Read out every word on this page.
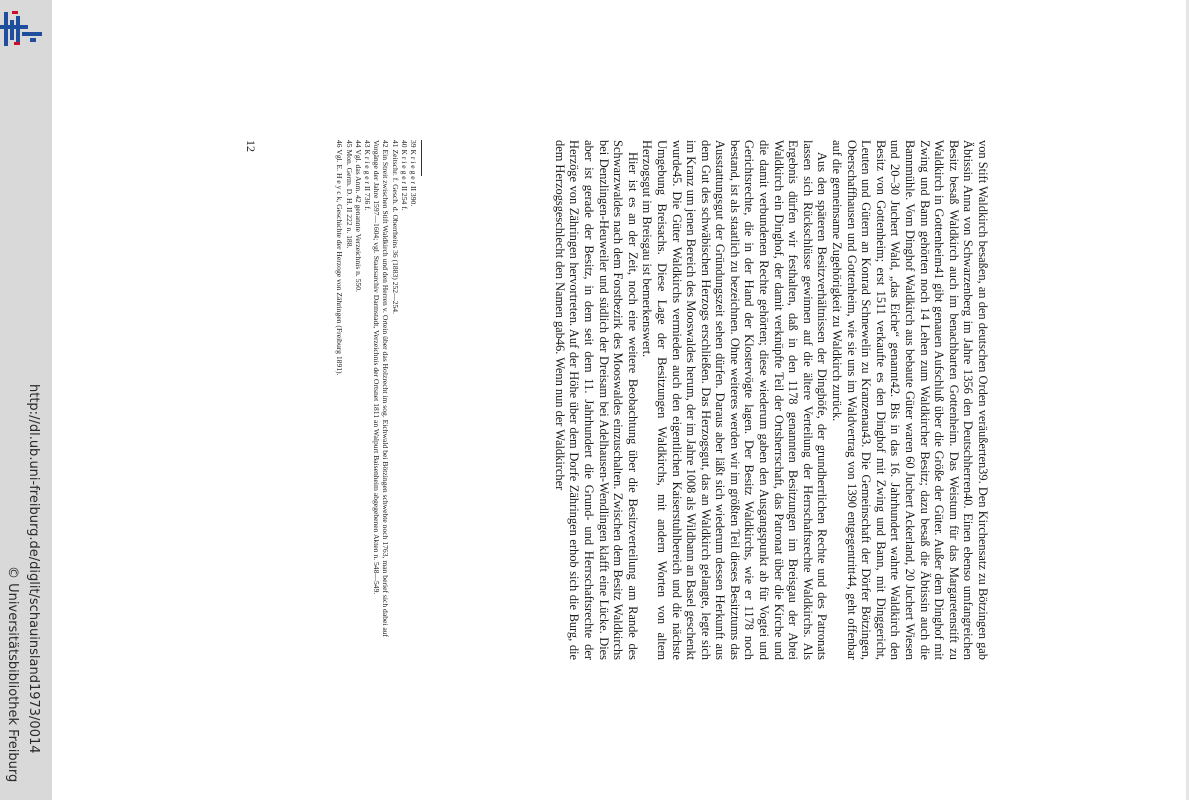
http://dl.ub.uni-freiburg.de/diglit/schauinsland1973/0014
© Universitätsbibliothek Freiburg

von Stift Waldkirch besaßen, an den deutschen Orden veräußerten39. Den Kirchensatz zu Bötzingen gab Äbtissin Anna von Schwarzenberg im Jahre 1356 den Deutschherren40. Einen ebenso umfangreichen Besitz besaß Waldkirch auch im benachbarten Gottenheim. Das Weistum für das Margaretenstift zu Waldkirch in Gottenheim41 gibt genauen Aufschluß über die Größe der Güter. Außer dem Dinghof mit Zwing und Bann gehörten noch 14 Lehen zum Waldkircher Besitz; dazu besaß die Äbtissin auch die Bannmühle. Vom Dinghof Waldkirch aus bebaute Güter waren 60 Juchert Ackerland, 20 Juchert Wiesen und 20–30 Juchert Wald, „das Eiche“ genannt42. Bis in das 16. Jahrhundert wahrte Waldkirch den Besitz von Gottenheim; erst 1511 verkaufte es den Dinghof mit Zwing und Bann, mit Dinggericht, Leuten und Gütern an Konrad Schnewelin zu Kranzenau43. Die Gemeinschaft der Dörfer Bötzingen, Oberschaffhausen und Gottenheim, wie sie uns im Waldvertrag von 1390 entgegentritt44, geht offenbar auf die gemeinsame Zugehörigkeit zu Waldkirch zurück.

Aus den späteren Besitzverhältnissen der Dinghöfe, der grundherrlichen Rechte und des Patronats lassen sich Rückschlüsse gewinnen auf die ältere Verteilung der Herrschaftsrechte Waldkirchs. Als Ergebnis dürfen wir festhalten, daß in den 1178 genannten Besitzungen im Breisgau der Abtei Waldkirch ein Dinghof, der damit verknüpfte Teil der Ortsherrschaft, das Patronat über die Kirche und die damit verbundenen Rechte gehörten; diese wiederum gaben den Ausgangspunkt ab für Vogtei und Gerichtsrechte, die in der Hand der Klostervögte lagen. Der Besitz Waldkirchs, wie er 1178 noch bestand, ist als staatlich zu bezeichnen. Ohne weiteres werden wir im größten Teil dieses Besitztums das Ausstattungsgut der Gründungszeit sehen dürfen. Daraus aber läßt sich wiederum dessen Herkunft aus dem Gut des schwäbischen Herzogs erschließen. Das Herzogsgut, das an Waldkirch gelangte, legte sich im Kranz um jenen Bereich des Mooswaldes herum, der im Jahre 1008 als Wildbann an Basel geschenkt wurde45. Die Güter Waldkirchs vermieden auch den eigentlichen Kaiserstuhlbereich und die nächste Umgebung Breisachs. Diese Lage der Besitzungen Waldkirchs, mit andern Worten von altem Herzogsgut im Breisgau ist bemerkenswert.

Hier ist es an der Zeit, noch eine weitere Beobachtung über die Besitzverteilung am Rande des Schwarzwaldes nach dem Forstbezirk des Mooswaldes einzuschalten. Zwischen dem Besitz Waldkirchs bei Denzlingen-Heuweiler und südlich der Dreisam bei Adelhausen-Wendlingen klafft eine Lücke. Dies aber ist gerade der Besitz, in dem seit dem 11. Jahrhundert die Grund- und Herrschaftsrechte der Herzöge von Zähringen hervortreten. Auf der Höhe über dem Dorfe Zähringen erhob sich die Burg, die dem Herzogsgeschlecht den Namen gab46. Wenn nun der Waldkircher

39 K r i e g e r II 390.
40 K r i e g e r II 254 f.
41 Zeitschr. f. Gesch. d. Oberrheins 36 (1883) 252—254.
42 Ein Streit zwischen Stift Waldkirch und den Herren v. Ortein über das Holzrecht im sog. Eichwald bei Bötzingen schwebte noch 1763, man berief sich dabei auf Vorgänge der Jahre 1597—1604; vgl. Staatsarchiv Darmstadt, Verzeichnis der Ortsnet 1811 an Walpurt Baisenheim abgegebenen Akten n. 548—549.
43 K r i e g e r II 736 f.
44 Vgl. das Anm. 42 genannte Verzeichnis n. 550.
45 Mon. Germ. D. H. II 222 n. 188.
46 Vgl. E. H e y c k, Geschichte der Herzoge von Zähringen (Freiburg 1891).
12
